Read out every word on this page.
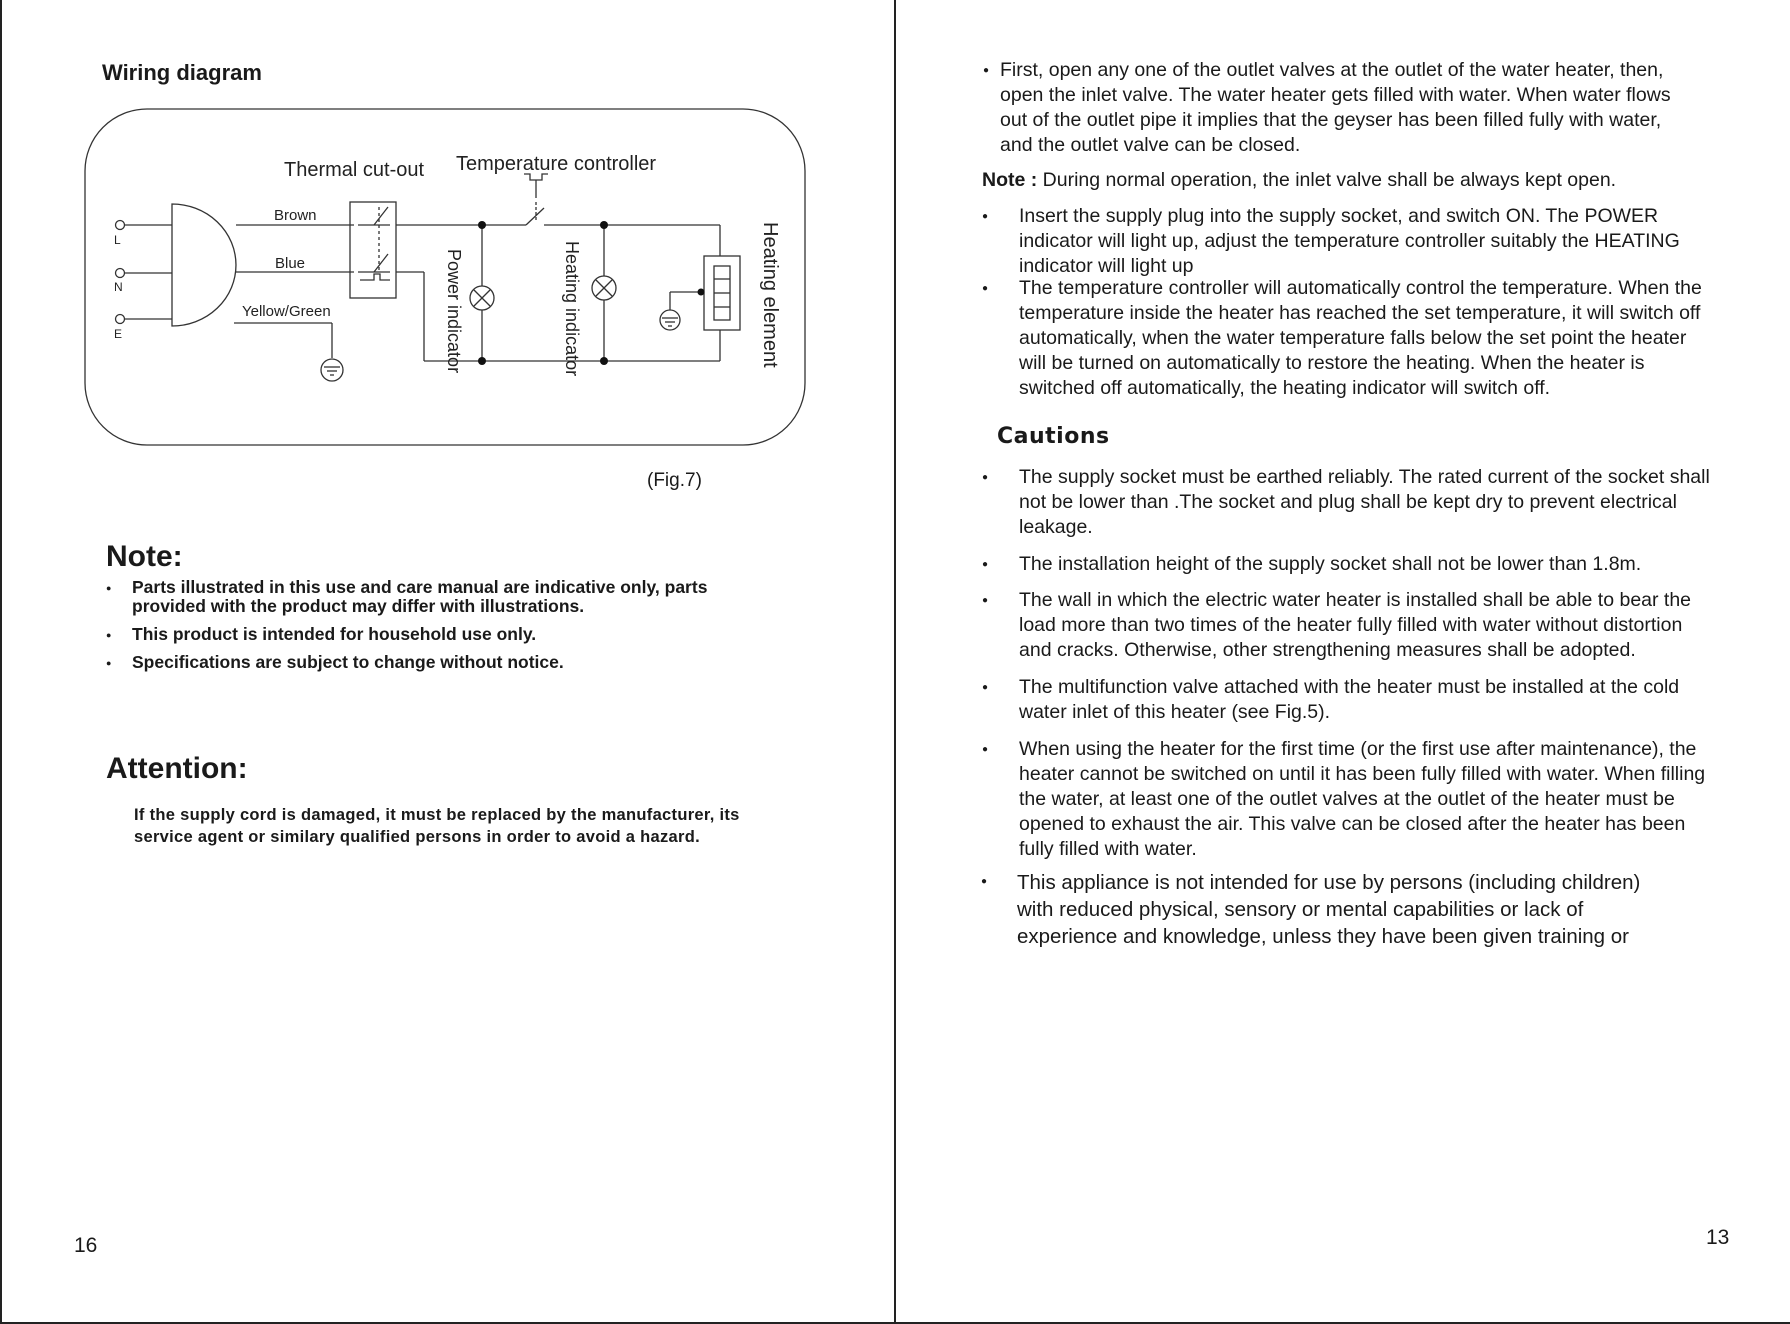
Wiring diagram
Thermal cut-out Temperature controller
Brown
Blue
Yellow/Green
L
N
E	Power indicator	Heating indicator	Heating element
(Fig.7)
Note:
● Parts illustrated in this use and care manual are indicative only, parts provided with the product may differ with illustrations.
● This product is intended for household use only.
● Specifications are subject to change without notice.
Attention:
If the supply cord is damaged, it must be replaced by the manufacturer, its service agent or similary qualified persons in order to avoid a hazard.
16
● First, open any one of the outlet valves at the outlet of the water heater, then, open the inlet valve. The water heater gets filled with water. When water flows out of the outlet pipe it implies that the geyser has been filled fully with water, and the outlet valve can be closed.
Note : During normal operation, the inlet valve shall be always kept open.
● Insert the supply plug into the supply socket, and switch ON. The POWER indicator will light up, adjust the temperature controller suitably the HEATING indicator will light up
● The temperature controller will automatically control the temperature. When the temperature inside the heater has reached the set temperature, it will switch off automatically, when the water temperature falls below the set point the heater will be turned on automatically to restore the heating. When the heater is switched off automatically, the heating indicator will switch off.
Cautions
● The supply socket must be earthed reliably. The rated current of the socket shall not be lower than .The socket and plug shall be kept dry to prevent electrical leakage.
● The installation height of the supply socket shall not be lower than 1.8m.
● The wall in which the electric water heater is installed shall be able to bear the load more than two times of the heater fully filled with water without distortion and cracks. Otherwise, other strengthening measures shall be adopted.
● The multifunction valve attached with the heater must be installed at the cold water inlet of this heater (see Fig.5).
● When using the heater for the first time (or the first use after maintenance), the heater cannot be switched on until it has been fully filled with water. When filling the water, at least one of the outlet valves at the outlet of the heater must be opened to exhaust the air. This valve can be closed after the heater has been fully filled with water.
● This appliance is not intended for use by persons (including children) with reduced physical, sensory or mental capabilities or lack of experience and knowledge, unless they have been given training or
13
